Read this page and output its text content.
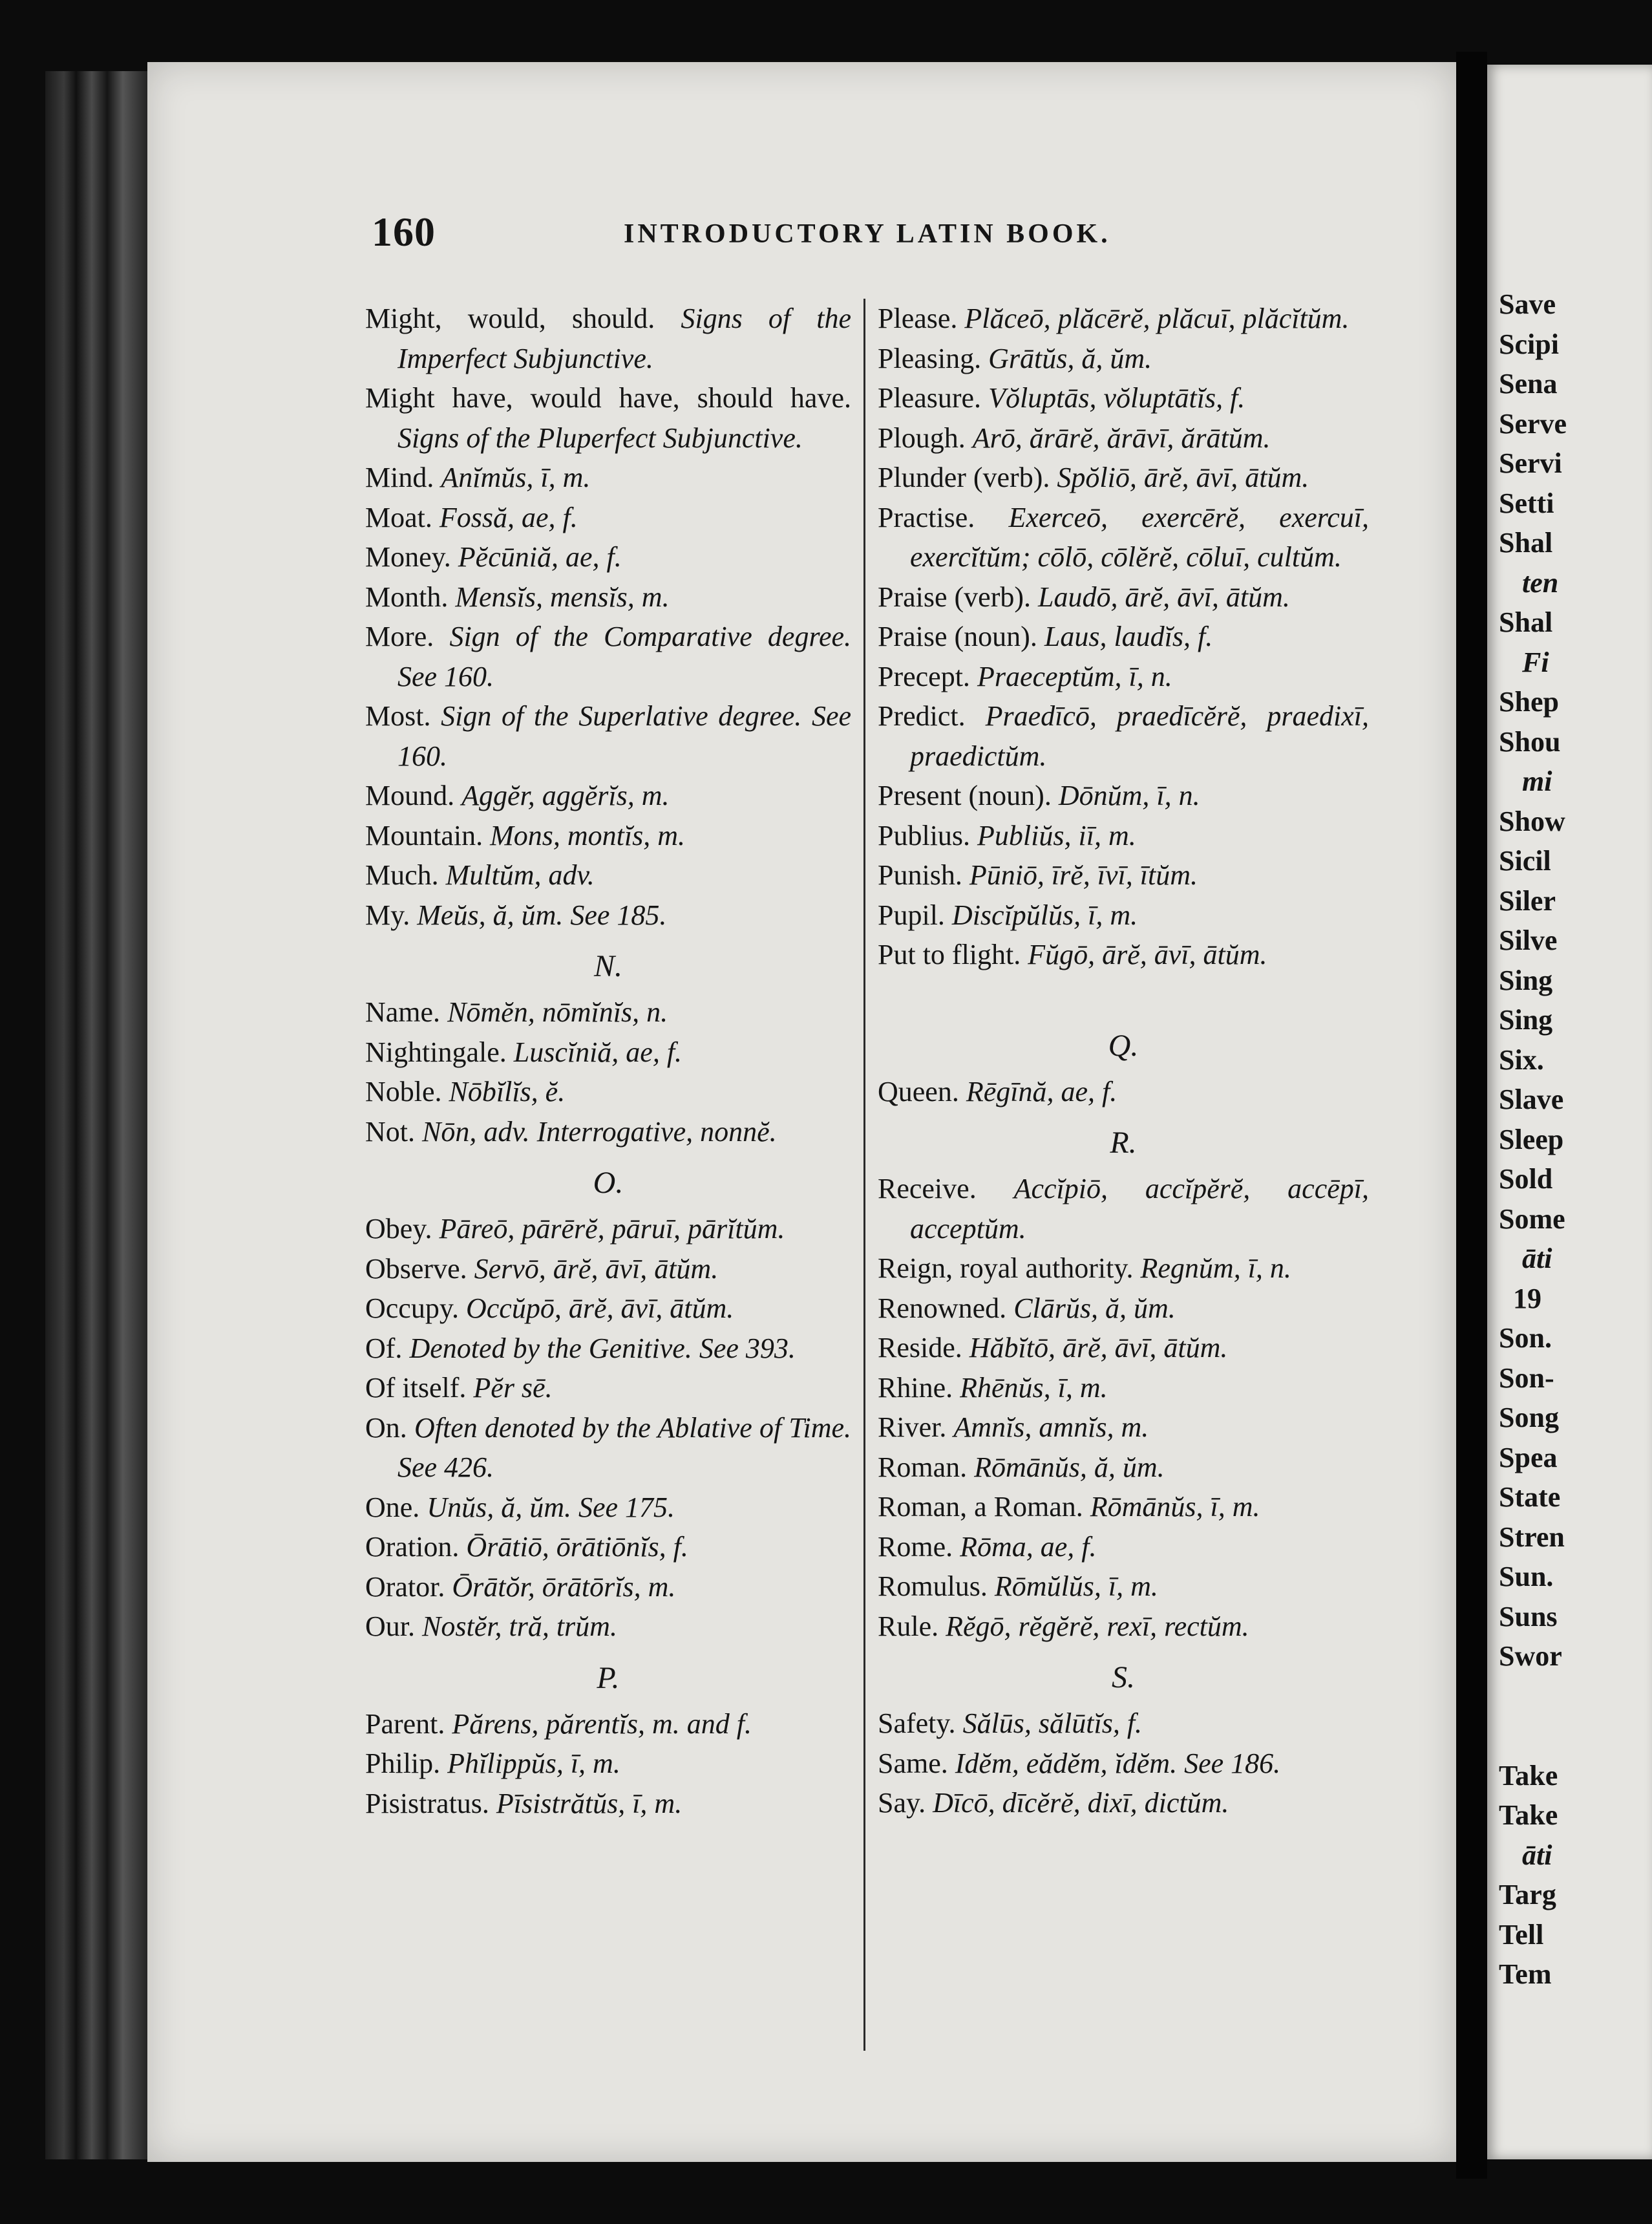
160	INTRODUCTORY LATIN BOOK.
Might, would, should. Signs of the Imperfect Subjunctive.
Might have, would have, should have. Signs of the Pluperfect Subjunctive.
Mind. Anĭmŭs, ī, m.
Moat. Fossă, ae, f.
Money. Pĕcūniă, ae, f.
Month. Mensĭs, mensĭs, m.
More. Sign of the Comparative degree. See 160.
Most. Sign of the Superlative degree. See 160.
Mound. Aggĕr, aggĕrĭs, m.
Mountain. Mons, montĭs, m.
Much. Multŭm, adv.
My. Meŭs, ă, ŭm. See 185.
N.
Name. Nōmĕn, nōmĭnĭs, n.
Nightingale. Luscĭniă, ae, f.
Noble. Nōbĭlĭs, ĕ.
Not. Nōn, adv. Interrogative, nonnĕ.
O.
Obey. Pāreō, pārērĕ, pāruī, pārĭtŭm.
Observe. Servō, ārĕ, āvī, ātŭm.
Occupy. Occŭpō, ārĕ, āvī, ātŭm.
Of. Denoted by the Genitive. See 393.
Of itself. Pĕr sē.
On. Often denoted by the Ablative of Time. See 426.
One. Unŭs, ă, ŭm. See 175.
Oration. Ōrātiō, ōrātiōnĭs, f.
Orator. Ōrātŏr, ōrātōrĭs, m.
Our. Nostĕr, tră, trŭm.
P.
Parent. Părens, părentĭs, m. and f.
Philip. Phĭlippŭs, ī, m.
Pisistratus. Pīsistrătŭs, ī, m.
Please. Plăceō, plăcērĕ, plăcuī, plăcĭtŭm.
Pleasing. Grātŭs, ă, ŭm.
Pleasure. Vŏluptās, vŏluptātĭs, f.
Plough. Arō, ărārĕ, ărāvī, ărātŭm.
Plunder (verb). Spŏliō, ārĕ, āvī, ātŭm.
Practise. Exerceō, exercērĕ, exercuī, exercĭtŭm; cōlō, cōlĕrĕ, cōluī, cultŭm.
Praise (verb). Laudō, ārĕ, āvī, ātŭm.
Praise (noun). Laus, laudĭs, f.
Precept. Praeceptŭm, ī, n.
Predict. Praedīcō, praedīcĕrĕ, praedixī, praedictŭm.
Present (noun). Dōnŭm, ī, n.
Publius. Publiŭs, iī, m.
Punish. Pūniō, īrĕ, īvī, ītŭm.
Pupil. Discĭpŭlŭs, ī, m.
Put to flight. Fŭgō, ārĕ, āvī, ātŭm.
Q.
Queen. Rēgīnă, ae, f.
R.
Receive. Accĭpiō, accĭpĕrĕ, accēpī, acceptŭm.
Reign, royal authority. Regnŭm, ī, n.
Renowned. Clārŭs, ă, ŭm.
Reside. Hăbĭtō, ārĕ, āvī, ātŭm.
Rhine. Rhēnŭs, ī, m.
River. Amnĭs, amnĭs, m.
Roman. Rōmānŭs, ă, ŭm.
Roman, a Roman. Rōmānŭs, ī, m.
Rome. Rōma, ae, f.
Romulus. Rōmŭlŭs, ī, m.
Rule. Rĕgō, rĕgĕrĕ, rexī, rectŭm.
S.
Safety. Sălūs, sălūtĭs, f.
Same. Idĕm, eădĕm, ĭdĕm. See 186.
Say. Dīcō, dīcĕrĕ, dixī, dictŭm.
Save
Scipi
Sena
Serve
Servi
Setti
Shal
ten
Shal
Fi
Shep
Shou
mi
Show
Sicil
Siler
Silve
Sing
Sing
Six.
Slave
Sleep
Sold
Some
āti
19
Son.
Son-
Song
Spea
State
Stren
Sun.
Suns
Swor

Take
Take
āti
Targ
Tell
Tem
